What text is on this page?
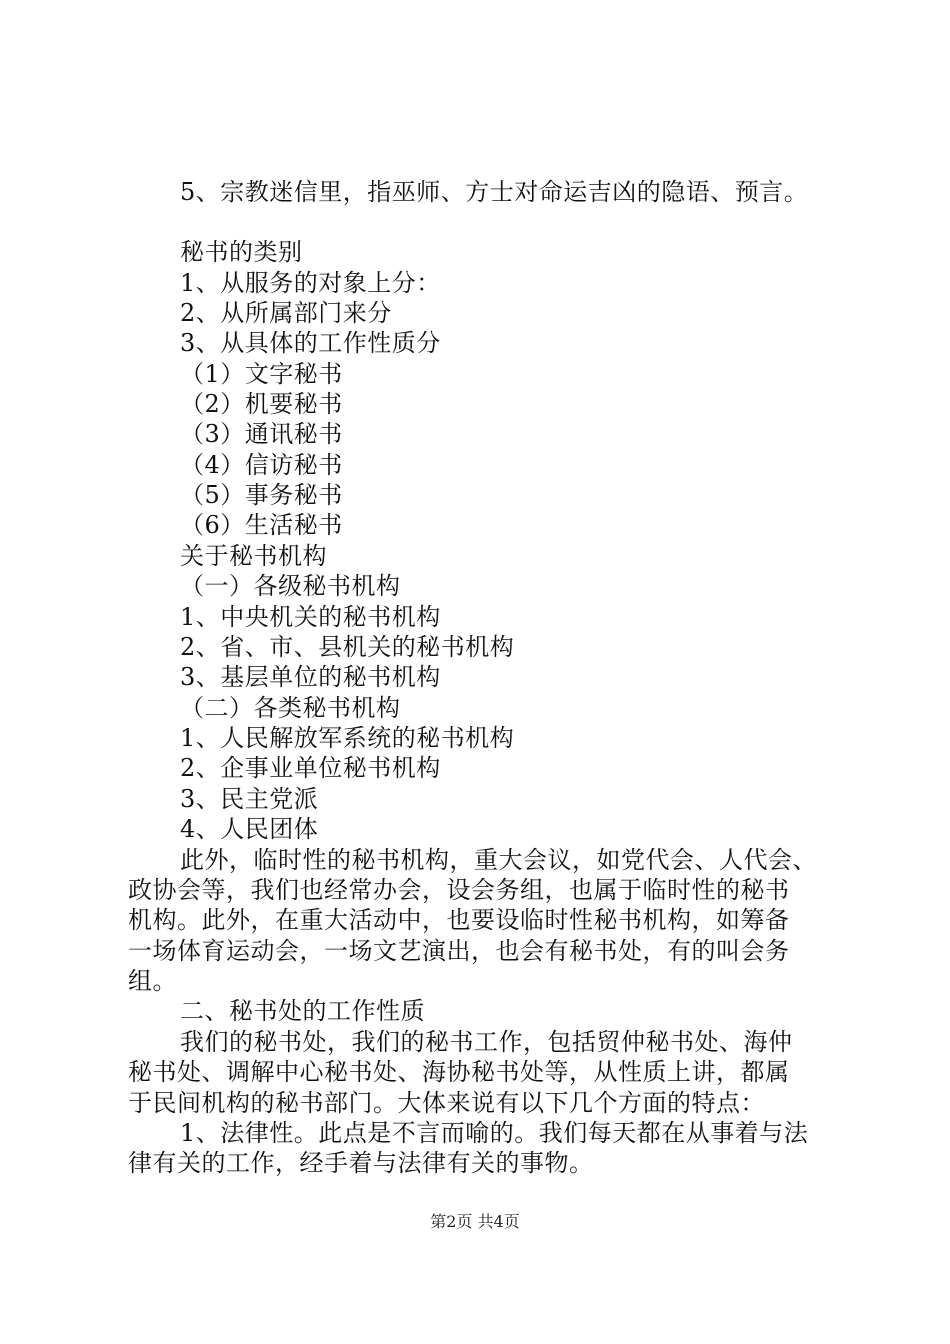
5、宗教迷信里，指巫师、方士对命运吉凶的隐语、预言。
秘书的类别
1、从服务的对象上分：
2、从所属部门来分
3、从具体的工作性质分
（1）文字秘书
（2）机要秘书
（3）通讯秘书
（4）信访秘书
（5）事务秘书
（6）生活秘书
关于秘书机构
（一）各级秘书机构
1、中央机关的秘书机构
2、省、市、县机关的秘书机构
3、基层单位的秘书机构
（二）各类秘书机构
1、人民解放军系统的秘书机构
2、企事业单位秘书机构
3、民主党派
4、人民团体
此外，临时性的秘书机构，重大会议，如党代会、人代会、
政协会等，我们也经常办会，设会务组，也属于临时性的秘书
机构。此外，在重大活动中，也要设临时性秘书机构，如筹备
一场体育运动会，一场文艺演出，也会有秘书处，有的叫会务
组。
二、秘书处的工作性质
我们的秘书处，我们的秘书工作，包括贸仲秘书处、海仲
秘书处、调解中心秘书处、海协秘书处等，从性质上讲，都属
于民间机构的秘书部门。大体来说有以下几个方面的特点：
1、法律性。此点是不言而喻的。我们每天都在从事着与法
律有关的工作，经手着与法律有关的事物。
第2页 共4页
